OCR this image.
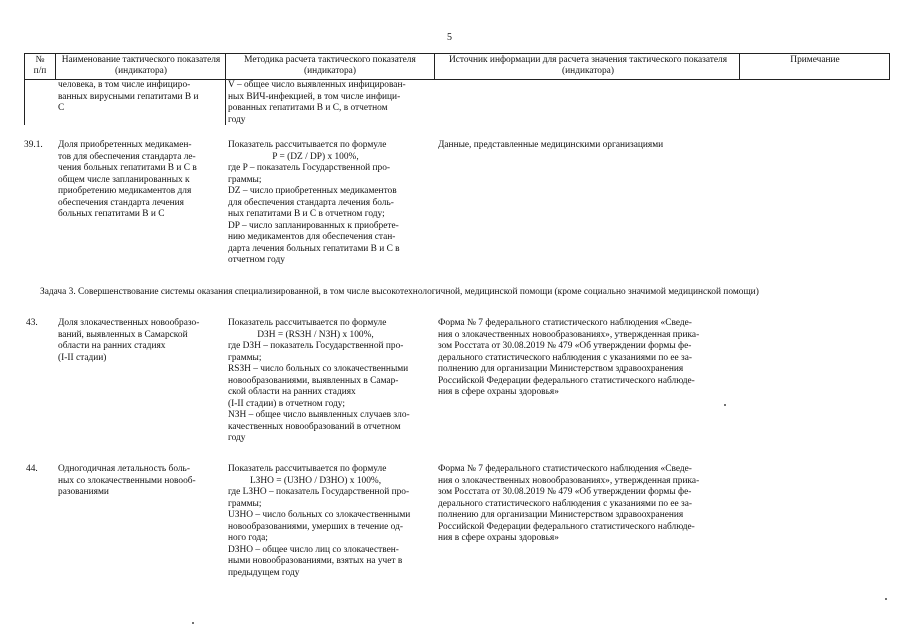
5
№
п/п
Наименование тактического показателя (индикатора)
Методика расчета тактического показателя (индикатора)
Источник информации для расчета значения тактического показателя (индикатора)
Примечание
человека, в том числе инфициро-
ванных вирусными гепатитами В и
С
V – общее число выявленных инфицирован-
ных ВИЧ-инфекцией, в том числе инфици-
рованных гепатитами В и С, в отчетном
году
39.1. Доля приобретенных медикамен-
тов для обеспечения стандарта ле-
чения больных гепатитами В и С в
общем числе запланированных к
приобретению медикаментов для
обеспечения стандарта лечения
больных гепатитами В и С

Показатель рассчитывается по формуле

P = (DZ / DP) x 100%,

где P – показатель Государственной про-
граммы;

DZ – число приобретенных медикаментов
для обеспечения стандарта лечения боль-
ных гепатитами В и С в отчетном году;

DP – число запланированных к приобрете-
нию медикаментов для обеспечения стан-
дарта лечения больных гепатитами В и С в
отчетном году

Данные, представленные медицинскими организациями
Задача 3. Совершенствование системы оказания специализированной, в том числе высокотехнологичной, медицинской помощи (кроме социально значимой медицинской помощи)
43. Доля злокачественных новообразо-
ваний, выявленных в Самарской
области на ранних стадиях
(I-II стадии)

Показатель рассчитывается по формуле

DЗН = (RSЗН / NЗН) x 100%,

где DЗН – показатель Государственной про-
граммы;

RSЗН – число больных со злокачественными
новообразованиями, выявленных в Самар-
ской области на ранних стадиях
(I-II стадии) в отчетном году;

NЗН – общее число выявленных случаев зло-
качественных новообразований в отчетном
году

Форма № 7 федерального статистического наблюдения «Сведе-
ния о злокачественных новообразованиях», утвержденная прика-
зом Росстата от 30.08.2019 № 479 «Об утверждении формы фе-
дерального статистического наблюдения с указаниями по ее за-
полнению для организации Министерством здравоохранения
Российской Федерации федерального статистического наблюде-
ния в сфере охраны здоровья»
44. Одногодичная летальность боль-
ных со злокачественными новооб-
разованиями

Показатель рассчитывается по формуле

LЗНО = (UЗНО / DЗНО) x 100%,

где LЗНО – показатель Государственной про-
граммы;

UЗНО – число больных со злокачественными
новообразованиями, умерших в течение од-
ного года;

DЗНО – общее число лиц со злокачествен-
ными новообразованиями, взятых на учет в
предыдущем году

Форма № 7 федерального статистического наблюдения «Сведе-
ния о злокачественных новообразованиях», утвержденная прика-
зом Росстата от 30.08.2019 № 479 «Об утверждении формы фе-
дерального статистического наблюдения с указаниями по ее за-
полнению для организации Министерством здравоохранения
Российской Федерации федерального статистического наблюде-
ния в сфере охраны здоровья»
